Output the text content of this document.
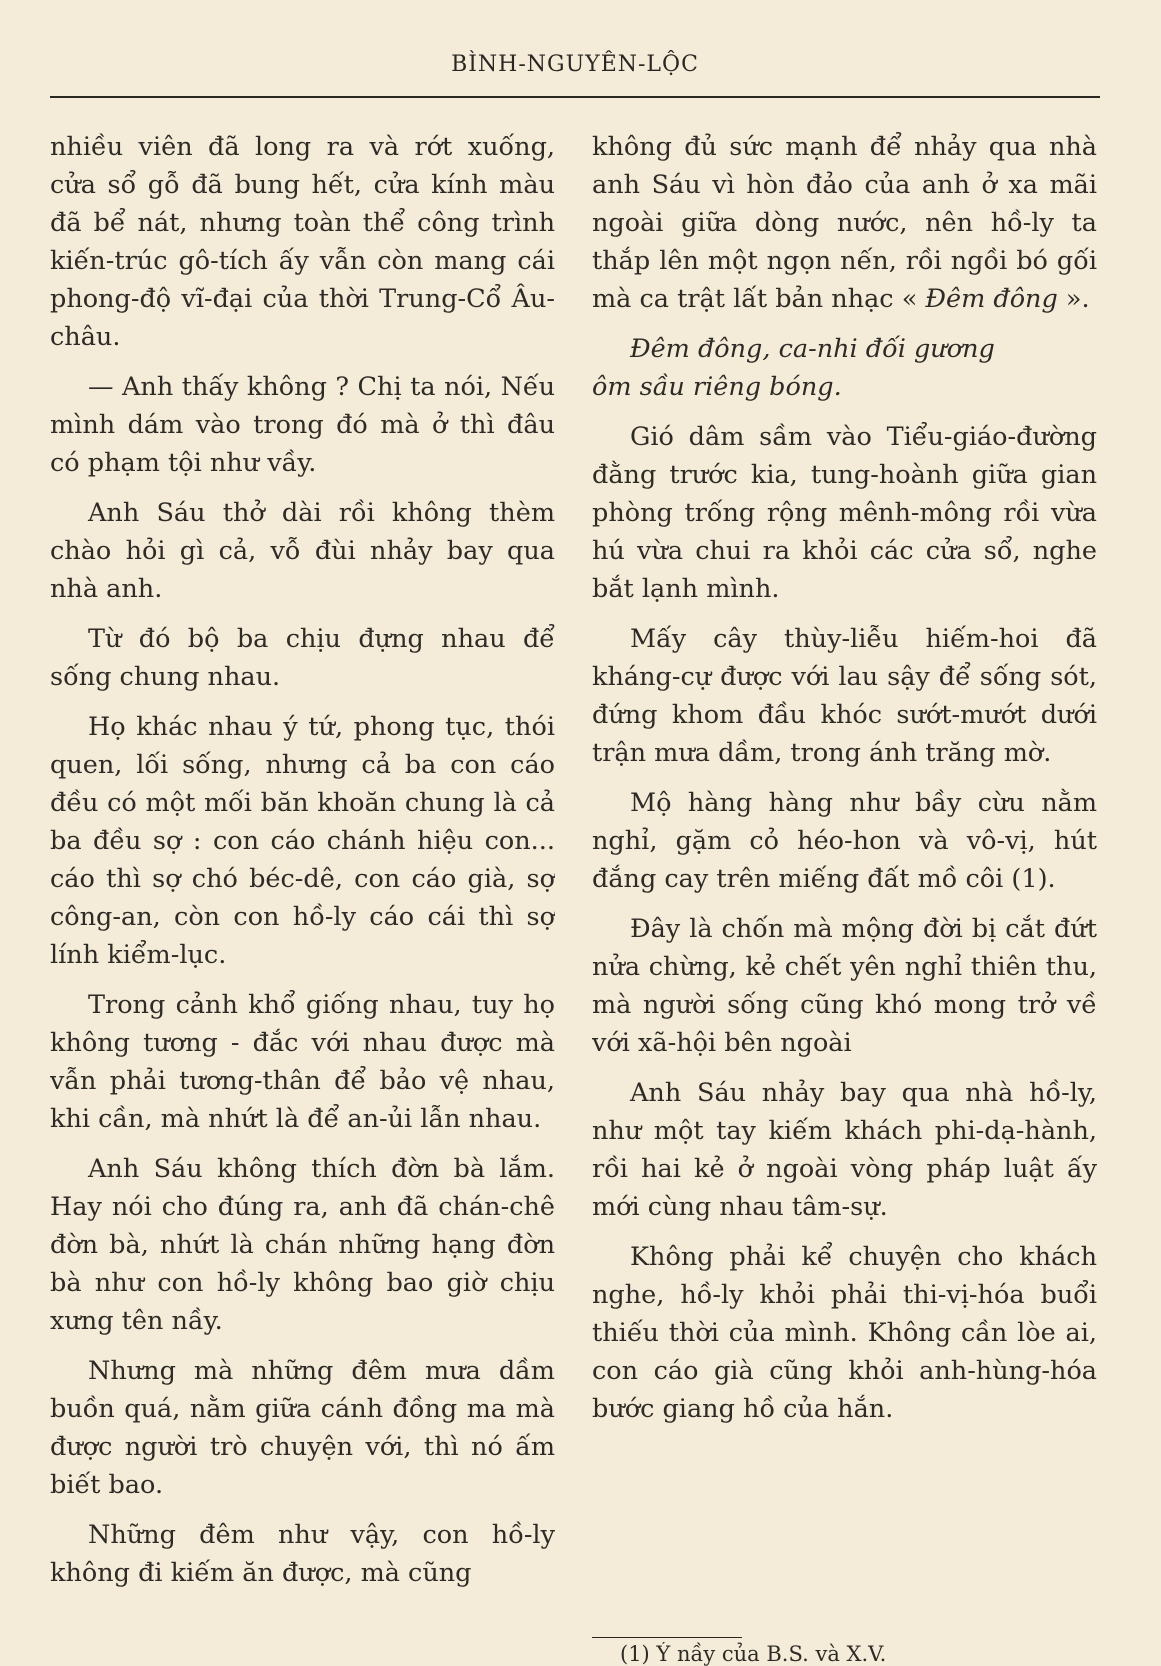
BÌNH-NGUYÊN-LỘC

nhiều viên đã long ra và rớt xuống, cửa sổ gỗ đã bung hết, cửa kính màu đã bể nát, nhưng toàn thể công trình kiến-trúc gô-tích ấy vẫn còn mang cái phong-độ vĩ-đại của thời Trung-Cổ Âu-châu.

— Anh thấy không ? Chị ta nói, Nếu mình dám vào trong đó mà ở thì đâu có phạm tội như vầy.

Anh Sáu thở dài rồi không thèm chào hỏi gì cả, vỗ đùi nhảy bay qua nhà anh.

Từ đó bộ ba chịu đựng nhau để sống chung nhau.

Họ khác nhau ý tứ, phong tục, thói quen, lối sống, nhưng cả ba con cáo đều có một mối băn khoăn chung là cả ba đều sợ : con cáo chánh hiệu con... cáo thì sợ chó béc-dê, con cáo già, sợ công-an, còn con hồ-ly cáo cái thì sợ lính kiểm-lục.

Trong cảnh khổ giống nhau, tuy họ không tương - đắc với nhau được mà vẫn phải tương-thân để bảo vệ nhau, khi cần, mà nhứt là để an-ủi lẫn nhau.

Anh Sáu không thích đờn bà lắm. Hay nói cho đúng ra, anh đã chán-chê đờn bà, nhứt là chán những hạng đờn bà như con hồ-ly không bao giờ chịu xưng tên nầy.

Nhưng mà những đêm mưa dầm buồn quá, nằm giữa cánh đồng ma mà được người trò chuyện với, thì nó ấm biết bao.

Những đêm như vậy, con hồ-ly không đi kiếm ăn được, mà cũng

không đủ sức mạnh để nhảy qua nhà anh Sáu vì hòn đảo của anh ở xa mãi ngoài giữa dòng nước, nên hồ-ly ta thắp lên một ngọn nến, rồi ngồi bó gối mà ca trật lất bản nhạc « Đêm đông ».

Đêm đông, ca-nhi đối gương
ôm sầu riêng bóng.

Gió dâm sầm vào Tiểu-giáo-đường đằng trước kia, tung-hoành giữa gian phòng trống rộng mênh-mông rồi vừa hú vừa chui ra khỏi các cửa sổ, nghe bắt lạnh mình.

Mấy cây thùy-liễu hiếm-hoi đã kháng-cự được với lau sậy để sống sót, đứng khom đầu khóc sướt-mướt dưới trận mưa dầm, trong ánh trăng mờ.

Mộ hàng hàng như bầy cừu nằm nghỉ, gặm cỏ héo-hon và vô-vị, hút đắng cay trên miếng đất mồ côi (1).

Đây là chốn mà mộng đời bị cắt đứt nửa chừng, kẻ chết yên nghỉ thiên thu, mà người sống cũng khó mong trở về với xã-hội bên ngoài

Anh Sáu nhảy bay qua nhà hồ-ly, như một tay kiếm khách phi-dạ-hành, rồi hai kẻ ở ngoài vòng pháp luật ấy mới cùng nhau tâm-sự.

Không phải kể chuyện cho khách nghe, hồ-ly khỏi phải thi-vị-hóa buổi thiếu thời của mình. Không cần lòe ai, con cáo già cũng khỏi anh-hùng-hóa bước giang hồ của hắn.

(1) Ý nầy của B.S. và X.V.
